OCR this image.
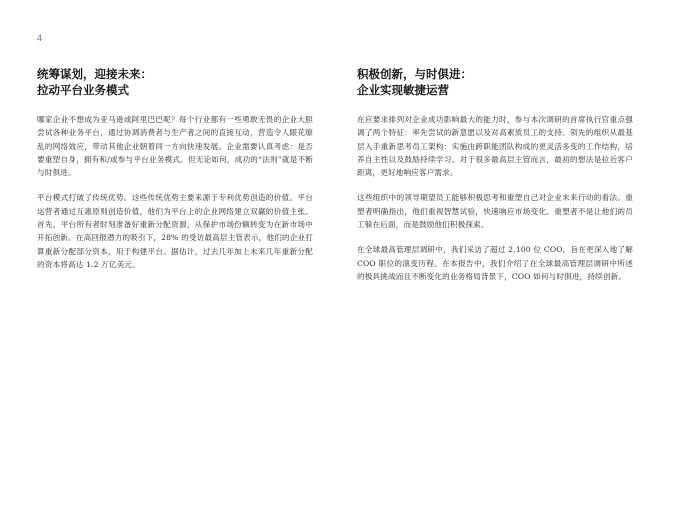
4
统筹谋划，迎接未来：
拉动平台业务模式

哪家企业不想成为亚马逊或阿里巴巴呢？每个行业都有一些勇敢无畏的企业大胆尝试各种业务平台，通过协调消费者与生产者之间的直接互动，营造令人眼花缭乱的网络效应，带动其他企业朝着同一方向快速发展。企业需要认真考虑：是否要重塑自身，拥有和/或参与平台业务模式。但无论如何，成功的“法则”就是不断与时俱进。

平台模式打破了传统优势。这些传统优势主要来源于专利优势创造的价值。平台运营者通过互惠原则创造价值，他们为平台上的企业网络建立双赢的价值主张。首先，平台所有者时刻准备好重新分配资源，从保护市场份额转变为在新市场中开拓创新。在高回报潜力的吸引下，28% 的受访最高层主管表示，他们的企业打算重新分配部分资本，用于构建平台。据估计，过去几年加上未来几年重新分配的资本将高达 1.2 万亿美元。

积极创新，与时俱进：
企业实现敏捷运营

在应要求排列对企业成功影响最大的能力时，参与本次调研的首席执行官重点强调了两个特征：率先尝试的新意愿以及对高素质员工的支持。领先的组织从最基层入手重新思考员工架构：实施由跨职能团队构成的更灵活多变的工作结构，培养自主性以及鼓励持续学习。对于很多最高层主管而言，最初的想法是拉近客户距离，更好地响应客户需求。

这些组织中的领导期望员工能够积极思考和重塑自己对企业未来行动的看法。重塑者明确指出，他们重视智慧试验，快速响应市场变化。重塑者不是让他们的员工躲在后面，而是鼓励他们积极探索。

在全球最高管理层调研中，我们采访了超过 2,100 位 COO，旨在更深入地了解 COO 职位的演变历程。在本报告中，我们介绍了在全球最高管理层调研中所述的极具挑战而且不断变化的业务格局背景下，COO 如何与时俱进，持续创新。
